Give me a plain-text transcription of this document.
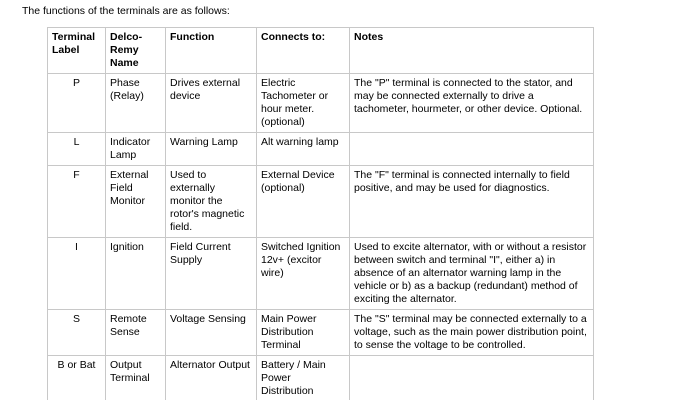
The functions of the terminals are as follows:

Terminal Label	Delco-Remy Name	Function	Connects to:	Notes
P	Phase (Relay)	Drives external device	Electric Tachometer or hour meter. (optional)	The "P" terminal is connected to the stator, and may be connected externally to drive a tachometer, hourmeter, or other device. Optional.
L	Indicator Lamp	Warning Lamp	Alt warning lamp	
F	External Field Monitor	Used to externally monitor the rotor's magnetic field.	External Device (optional)	The "F" terminal is connected internally to field positive, and may be used for diagnostics.
I	Ignition	Field Current Supply	Switched Ignition 12v+ (excitor wire)	Used to excite alternator, with or without a resistor between switch and terminal "I", either a) in absence of an alternator warning lamp in the vehicle or b) as a backup (redundant) method of exciting the alternator.
S	Remote Sense	Voltage Sensing	Main Power Distribution Terminal	The "S" terminal may be connected externally to a voltage, such as the main power distribution point, to sense the voltage to be controlled.
B or Bat	Output Terminal	Alternator Output	Battery / Main Power Distribution	
